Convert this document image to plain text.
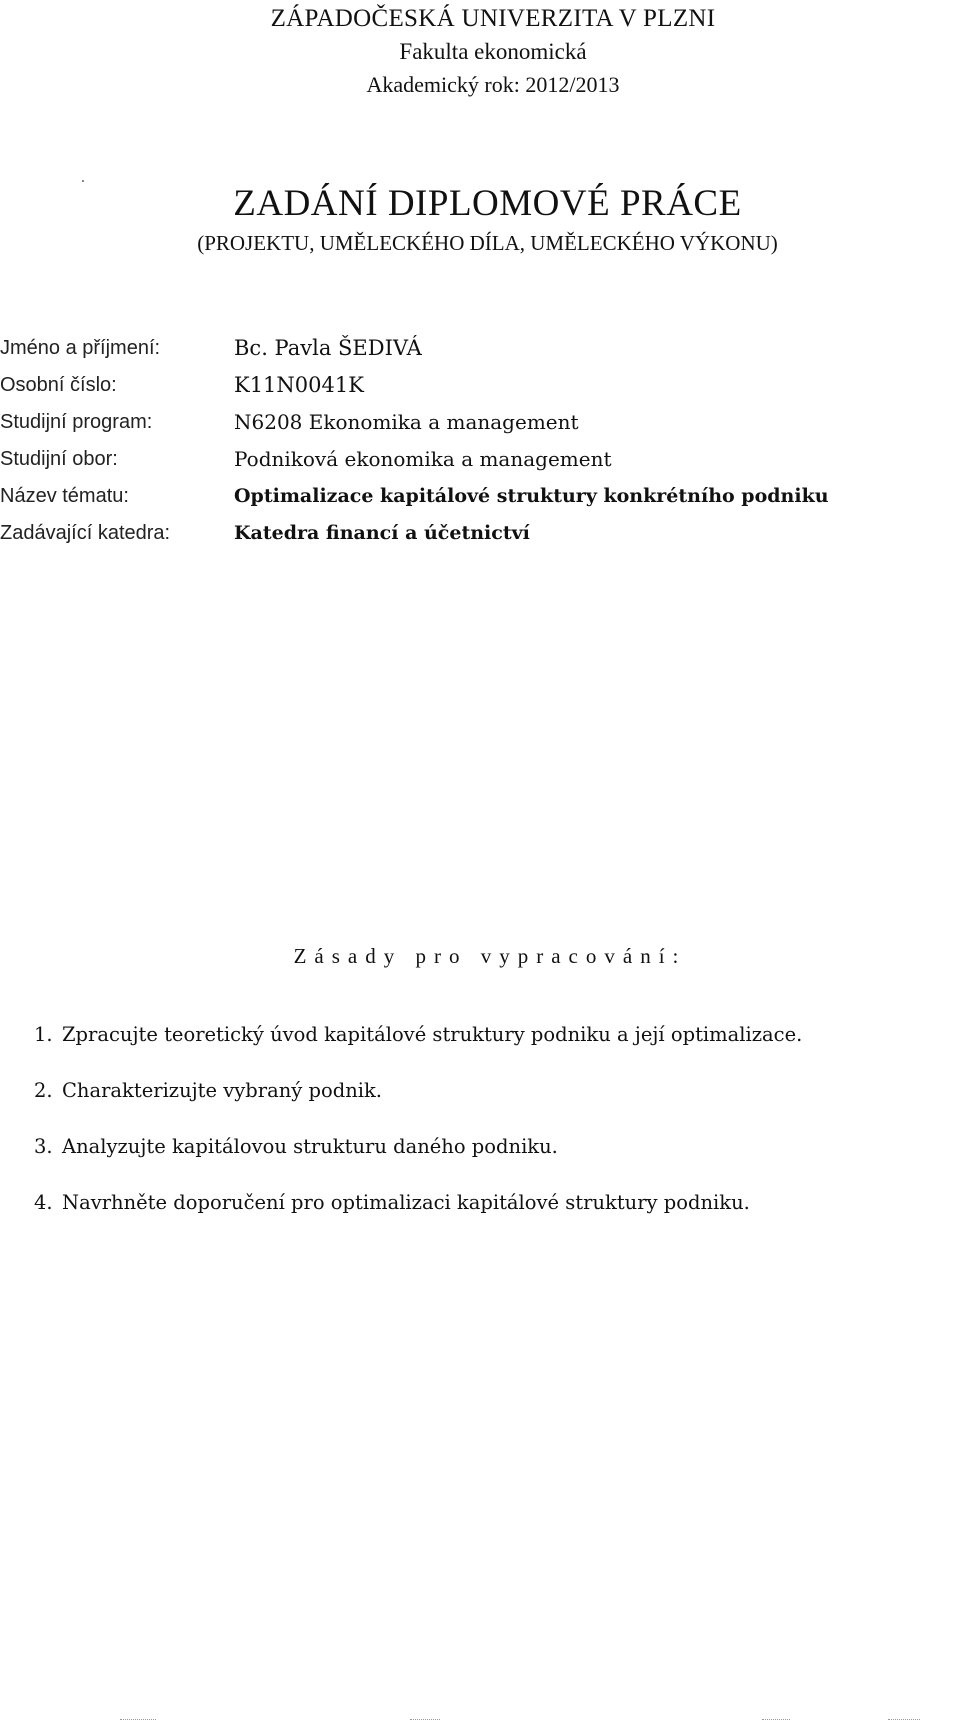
ZÁPADOČESKÁ UNIVERZITA V PLZNI
Fakulta ekonomická
Akademický rok: 2012/2013
ZADÁNÍ DIPLOMOVÉ PRÁCE
(PROJEKTU, UMĚLECKÉHO DÍLA, UMĚLECKÉHO VÝKONU)
Jméno a příjmení:	Bc. Pavla ŠEDIVÁ
Osobní číslo:	K11N0041K
Studijní program:	N6208 Ekonomika a management
Studijní obor:	Podniková ekonomika a management
Název tématu:	Optimalizace kapitálové struktury konkrétního podniku
Zadávající katedra:	Katedra financí a účetnictví
Zásady pro vypracování:
1. Zpracujte teoretický úvod kapitálové struktury podniku a její optimalizace.
2. Charakterizujte vybraný podnik.
3. Analyzujte kapitálovou strukturu daného podniku.
4. Navrhněte doporučení pro optimalizaci kapitálové struktury podniku.
